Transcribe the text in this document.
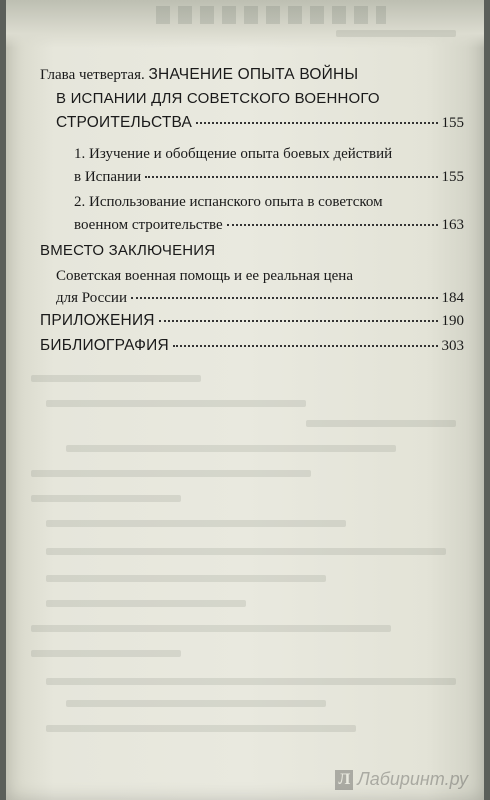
Глава четвертая.
ЗНАЧЕНИЕ ОПЫТА ВОЙНЫ
В ИСПАНИИ ДЛЯ СОВЕТСКОГО ВОЕННОГО
СТРОИТЕЛЬСТВА	155
1. Изучение и обобщение опыта боевых действий
в Испании	155
2. Использование испанского опыта в советском
военном строительстве	163
ВМЕСТО ЗАКЛЮЧЕНИЯ
Советская военная помощь и ее реальная цена
для России	184
ПРИЛОЖЕНИЯ	190
БИБЛИОГРАФИЯ	303
Л Лабиринт.ру
